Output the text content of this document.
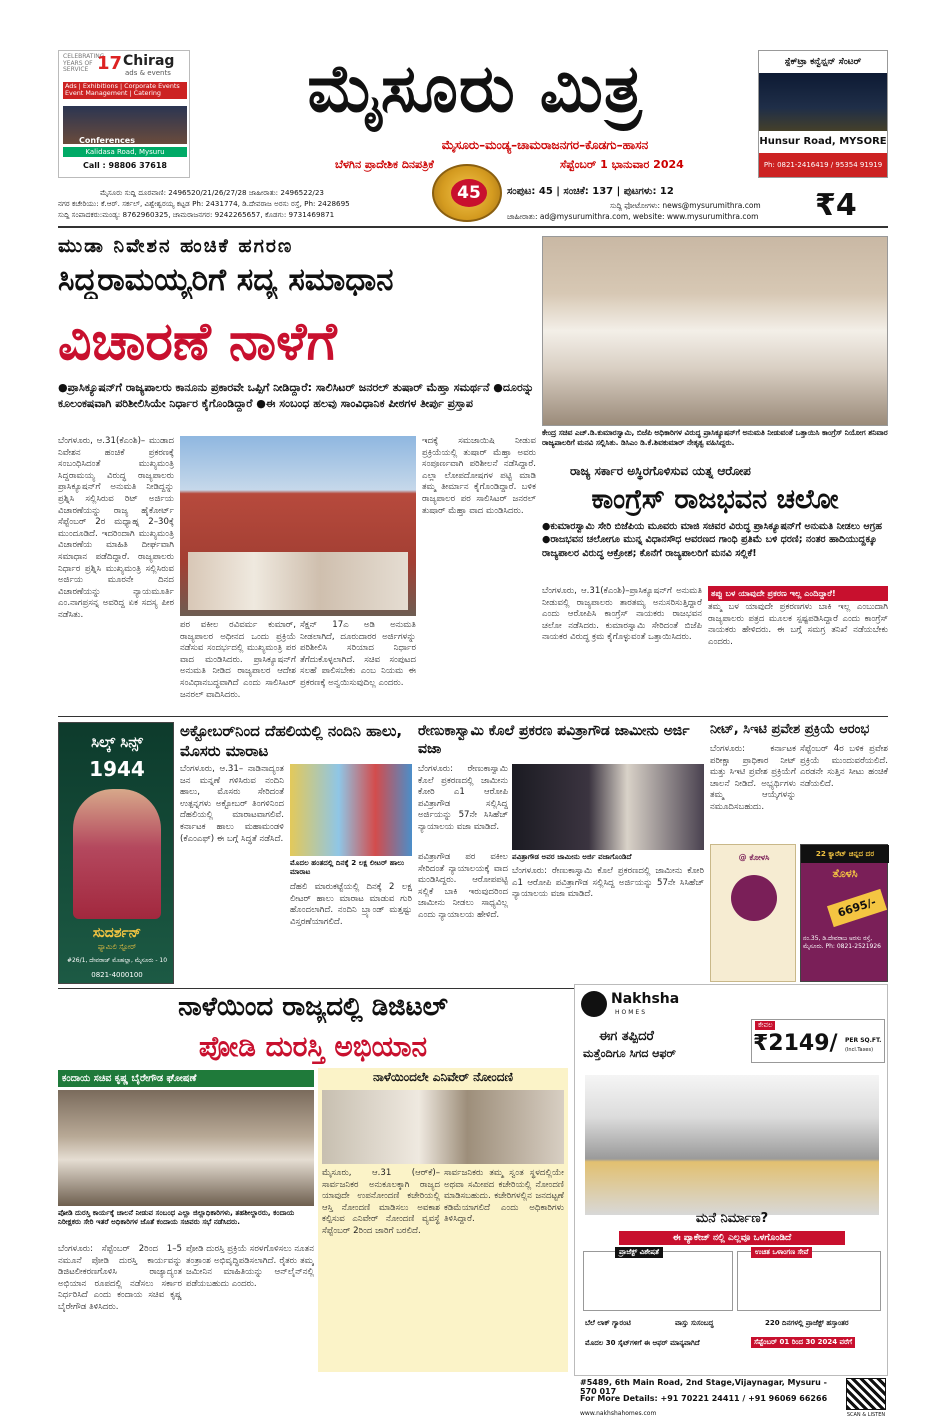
CELEBRATING YEARS OF SERVICE 17 Chirag
ads & events
Ads | Exhibitions | Corporate Events Event Management | Catering
Conferences
Kalidasa Road, Mysuru
Call : 98806 37618
ಮೈಸೂರು ಮಿತ್ರ
ಮೈಸೂರು–ಮಂಡ್ಯ–ಚಾಮರಾಜನಗರ–ಕೊಡಗು–ಹಾಸನ
ಬೆಳಗಿನ ಪ್ರಾದೇಶಿಕ ದಿನಪತ್ರಿಕೆ	ಸೆಪ್ಟೆಂಬರ್ 1 ಭಾನುವಾರ 2024
45
ಸ್ಪೆಕ್‌ಟ್ರಾ ಕನ್ವೆನ್ಷನ್ ಸೆಂಟರ್
Hunsur Road, MYSORE
Ph: 0821-2416419 / 95354 91919
ಮೈಸೂರು ಸುದ್ದಿ ದೂರವಾಣಿ: 2496520/21/26/27/28 ಜಾಹೀರಾತು: 2496522/23
ನಗರ ಕಚೇರಿಯು: ಕೆ.ಆರ್. ಸರ್ಕಲ್, ವಿಶ್ವೇಶ್ವರಯ್ಯ ಕಟ್ಟಡ Ph: 2431774, ಡಿ.ದೇವರಾಜ ಅರಸು ರಸ್ತೆ, Ph: 2428695
ಸುದ್ದಿ ಸಂಪಾದಕರು:ಮಂಡ್ಯ: 8762960325, ಚಾಮರಾಜನಗರ: 9242265657, ಕೊಡಗು: 9731469871
ಸಂಪುಟ: 45 | ಸಂಚಿಕೆ: 137 | ಪುಟಗಳು: 12
ಸುದ್ದಿ ಫೋಟೋಗಳು: news@mysurumithra.com
ಜಾಹೀರಾತು: ad@mysurumithra.com, website: www.mysurumithra.com	₹4
ಮುಡಾ ನಿವೇಶನ ಹಂಚಿಕೆ ಹಗರಣ
ಸಿದ್ದರಾಮಯ್ಯರಿಗೆ ಸದ್ಯ ಸಮಾಧಾನ
ವಿಚಾರಣೆ ನಾಳೆಗೆ
●ಪ್ರಾಸಿಕ್ಯೂಷನ್‌ಗೆ ರಾಜ್ಯಪಾಲರು ಕಾನೂನು ಪ್ರಕಾರವೇ ಒಪ್ಪಿಗೆ ನೀಡಿದ್ದಾರೆ: ಸಾಲಿಸಿಟರ್ ಜನರಲ್ ತುಷಾರ್ ಮೆಹ್ತಾ ಸಮರ್ಥನೆ ●ದೂರನ್ನು ಕೂಲಂಕಷವಾಗಿ ಪರಿಶೀಲಿಸಿಯೇ ನಿರ್ಧಾರ ಕೈಗೊಂಡಿದ್ದಾರೆ ●ಈ ಸಂಬಂಧ ಹಲವು ಸಾಂವಿಧಾನಿಕ ಪೀಠಗಳ ತೀರ್ಪು ಪ್ರಸ್ತಾಪ
ಬೆಂಗಳೂರು, ಆ.31(ಕೆಎಂಶಿ)– ಮುಡಾದ ನಿವೇಶನ ಹಂಚಿಕೆ ಪ್ರಕರಣಕ್ಕೆ ಸಂಬಂಧಿಸಿದಂತೆ ಮುಖ್ಯಮಂತ್ರಿ ಸಿದ್ದರಾಮಯ್ಯ ವಿರುದ್ಧ ರಾಜ್ಯಪಾಲರು ಪ್ರಾಸಿಕ್ಯೂಷನ್‌ಗೆ ಅನುಮತಿ ನೀಡಿದ್ದನ್ನು ಪ್ರಶ್ನಿಸಿ ಸಲ್ಲಿಸಿರುವ ರಿಟ್ ಅರ್ಜಿಯ ವಿಚಾರಣೆಯನ್ನು ರಾಜ್ಯ ಹೈಕೋರ್ಟ್ ಸೆಪ್ಟೆಂಬರ್ 2ರ ಮಧ್ಯಾಹ್ನ 2–30ಕ್ಕೆ ಮುಂದೂಡಿದೆ. ಇದರಿಂದಾಗಿ ಮುಖ್ಯಮಂತ್ರಿ ವಿಚಾರಣೆಯ ಮಾಹಿತಿ ದೀರ್ಘವಾಗಿ ಸಮಾಧಾನ ಪಡೆದಿದ್ದಾರೆ. ರಾಜ್ಯಪಾಲರು ನಿರ್ಧಾರ ಪ್ರಶ್ನಿಸಿ ಮುಖ್ಯಮಂತ್ರಿ ಸಲ್ಲಿಸಿರುವ ಅರ್ಜಿಯ ಮೂರನೇ ದಿನದ ವಿಚಾರಣೆಯನ್ನು ನ್ಯಾಯಮೂರ್ತಿ ಎಂ.ನಾಗಪ್ರಸನ್ನ ಅವರಿದ್ದ ಏಕ ಸದಸ್ಯ ಪೀಠ ನಡೆಸಿತು.
ಪರ ವಕೀಲ ರವಿವರ್ಮ ಕುಮಾರ್, ರಾಜ್ಯಪಾಲರ ಅಧೀನದ ಒಂದು ಪ್ರಕ್ರಿಯೆ ನಡೆಸುವ ಸಂದರ್ಭದಲ್ಲಿ ಮುಖ್ಯಮಂತ್ರಿ ಪರ ವಾದ ಮಂಡಿಸಿದರು. ಪ್ರಾಸಿಕ್ಯೂಷನ್‌ಗೆ ಅನುಮತಿ ನೀಡಿದ ರಾಜ್ಯಪಾಲರ ಆದೇಶ ಸಂವಿಧಾನಬದ್ಧವಾಗಿದೆ ಎಂದು ಸಾಲಿಸಿಟರ್ ಜನರಲ್ ವಾದಿಸಿದರು.
ಸೆಕ್ಷನ್ 17ಎ ಅಡಿ ಅನುಮತಿ ನೀಡಲಾಗಿದೆ, ದೂರುದಾರರ ಅರ್ಜಿಗಳನ್ನು ಪರಿಶೀಲಿಸಿ ಸರಿಯಾದ ನಿರ್ಧಾರ ತೆಗೆದುಕೊಳ್ಳಲಾಗಿದೆ. ಸಚಿವ ಸಂಪುಟದ ಸಲಹೆ ಪಾಲಿಸಬೇಕು ಎಂಬ ನಿಯಮ ಈ ಪ್ರಕರಣಕ್ಕೆ ಅನ್ವಯಿಸುವುದಿಲ್ಲ ಎಂದರು.
ಇದಕ್ಕೆ ಸಮಜಾಯಿಷಿ ನೀಡುವ ಪ್ರಕ್ರಿಯೆಯಲ್ಲಿ ತುಷಾರ್ ಮೆಹ್ತಾ ಅವರು ಸಂಪೂರ್ಣವಾಗಿ ಪರಿಶೀಲನೆ ನಡೆಸಿದ್ದಾರೆ. ಎಲ್ಲಾ ಲೋಪದೋಷಗಳ ಪಟ್ಟಿ ಮಾಡಿ ತಮ್ಮ ತೀರ್ಮಾನ ಕೈಗೊಂಡಿದ್ದಾರೆ. ಬಳಿಕ ರಾಜ್ಯಪಾಲರ ಪರ ಸಾಲಿಸಿಟರ್ ಜನರಲ್ ತುಷಾರ್ ಮೆಹ್ತಾ ವಾದ ಮಂಡಿಸಿದರು.
ಕೇಂದ್ರ ಸಚಿವ ಎಚ್.ಡಿ.ಕುಮಾರಸ್ವಾಮಿ, ಬಿಜೆಪಿ ಅಧಿಕಾರಿಗಳ ವಿರುದ್ಧ ಪ್ರಾಸಿಕ್ಯೂಷನ್‌ಗೆ ಅನುಮತಿ ನೀಡುವಂತೆ ಒತ್ತಾಯಿಸಿ ಕಾಂಗ್ರೆಸ್ ನಿಯೋಗ ಶನಿವಾರ ರಾಜ್ಯಪಾಲರಿಗೆ ಮನವಿ ಸಲ್ಲಿಸಿತು. ಡಿಸಿಎಂ ಡಿ.ಕೆ.ಶಿವಕುಮಾರ್ ನೇತೃತ್ವ ವಹಿಸಿದ್ದರು.
ರಾಜ್ಯ ಸರ್ಕಾರ ಅಸ್ಥಿರಗೊಳಿಸುವ ಯತ್ನ ಆರೋಪ
ಕಾಂಗ್ರೆಸ್ ರಾಜಭವನ ಚಲೋ
●ಕುಮಾರಸ್ವಾಮಿ ಸೇರಿ ಬಿಜೆಪಿಯ ಮೂವರು ಮಾಜಿ ಸಚಿವರ ವಿರುದ್ಧ ಪ್ರಾಸಿಕ್ಯೂಷನ್‌ಗೆ ಅನುಮತಿ ನೀಡಲು ಆಗ್ರಹ ●ರಾಜಭವನ ಚಲೋಗೂ ಮುನ್ನ ವಿಧಾನಸೌಧ ಆವರಣದ ಗಾಂಧಿ ಪ್ರತಿಮೆ ಬಳಿ ಧರಣಿ; ನಂತರ ಹಾದಿಯುದ್ದಕ್ಕೂ ರಾಜ್ಯಪಾಲರ ವಿರುದ್ಧ ಆಕ್ರೋಶ; ಕೊನೆಗೆ ರಾಜ್ಯಪಾಲರಿಗೆ ಮನವಿ ಸಲ್ಲಿಕೆ!
ಬೆಂಗಳೂರು, ಆ.31(ಕೆಎಂಶಿ)–ಪ್ರಾಸಿಕ್ಯೂಷನ್‌ಗೆ ಅನುಮತಿ ನೀಡುವಲ್ಲಿ ರಾಜ್ಯಪಾಲರು ತಾರತಮ್ಯ ಅನುಸರಿಸುತ್ತಿದ್ದಾರೆ ಎಂದು ಆರೋಪಿಸಿ ಕಾಂಗ್ರೆಸ್ ನಾಯಕರು ರಾಜಭವನ ಚಲೋ ನಡೆಸಿದರು. ಕುಮಾರಸ್ವಾಮಿ ಸೇರಿದಂತೆ ಬಿಜೆಪಿ ನಾಯಕರ ವಿರುದ್ಧ ಕ್ರಮ ಕೈಗೊಳ್ಳುವಂತೆ ಒತ್ತಾಯಿಸಿದರು.
ತಪ್ಪು ಬಳ ಯಾವುದೇ ಪ್ರಕರಣ ಇಲ್ಲ ಎಂದಿದ್ದಾರೆ!
ತಮ್ಮ ಬಳ ಯಾವುದೇ ಪ್ರಕರಣಗಳು ಬಾಕಿ ಇಲ್ಲ ಎಂಬುದಾಗಿ ರಾಜ್ಯಪಾಲರು ಪತ್ರದ ಮೂಲಕ ಸ್ಪಷ್ಟಪಡಿಸಿದ್ದಾರೆ ಎಂದು ಕಾಂಗ್ರೆಸ್ ನಾಯಕರು ಹೇಳಿದರು. ಈ ಬಗ್ಗೆ ಸಮಗ್ರ ತನಿಖೆ ನಡೆಯಬೇಕು ಎಂದರು.
ಸಿಲ್ಕ್ ಸಿನ್ಸ್
1944
ಸುದರ್ಶನ್
ಫ್ಯಾಮಿಲಿ ಸ್ಟೋರ್
#26/1, ದೇವರಾಜ್ ಮೊಹಲ್ಲಾ, ಮೈಸೂರು - 10
0821-4000100
ಅಕ್ಟೋಬರ್‌ನಿಂದ ದೆಹಲಿಯಲ್ಲಿ ನಂದಿನಿ ಹಾಲು, ಮೊಸರು ಮಾರಾಟ
ಬೆಂಗಳೂರು, ಆ.31– ನಾಡಿನಾದ್ಯಂತ ಜನ ಮನ್ನಣೆ ಗಳಿಸಿರುವ ನಂದಿನಿ ಹಾಲು, ಮೊಸರು ಸೇರಿದಂತೆ ಉತ್ಪನ್ನಗಳು ಅಕ್ಟೋಬರ್ ತಿಂಗಳಿನಿಂದ ದೆಹಲಿಯಲ್ಲಿ ಮಾರಾಟವಾಗಲಿವೆ. ಕರ್ನಾಟಕ ಹಾಲು ಮಹಾಮಂಡಳಿ (ಕೆಎಂಎಫ್) ಈ ಬಗ್ಗೆ ಸಿದ್ಧತೆ ನಡೆಸಿದೆ.
ಮೊದಲ ಹಂತದಲ್ಲಿ ದಿನಕ್ಕೆ 2 ಲಕ್ಷ ಲೀಟರ್ ಹಾಲು ಮಾರಾಟ
ದೆಹಲಿ ಮಾರುಕಟ್ಟೆಯಲ್ಲಿ ದಿನಕ್ಕೆ 2 ಲಕ್ಷ ಲೀಟರ್ ಹಾಲು ಮಾರಾಟ ಮಾಡುವ ಗುರಿ ಹೊಂದಲಾಗಿದೆ. ನಂದಿನಿ ಬ್ರ್ಯಾಂಡ್ ಮತ್ತಷ್ಟು ವಿಸ್ತರಣೆಯಾಗಲಿದೆ.
ರೇಣುಕಾಸ್ವಾಮಿ ಕೊಲೆ ಪ್ರಕರಣ ಪವಿತ್ರಾಗೌಡ ಜಾಮೀನು ಅರ್ಜಿ ವಜಾ
ಬೆಂಗಳೂರು: ರೇಣುಕಾಸ್ವಾಮಿ ಕೊಲೆ ಪ್ರಕರಣದಲ್ಲಿ ಜಾಮೀನು ಕೋರಿ ಎ1 ಆರೋಪಿ ಪವಿತ್ರಾಗೌಡ ಸಲ್ಲಿಸಿದ್ದ ಅರ್ಜಿಯನ್ನು 57ನೇ ಸಿಸಿಹೆಚ್ ನ್ಯಾಯಾಲಯ ವಜಾ ಮಾಡಿದೆ.
ಪವಿತ್ರಾಗೌಡ ಅವರ ಜಾಮೀನು ಅರ್ಜಿ ವಜಾಗೊಂಡಿದೆ
ಪವಿತ್ರಾಗೌಡ ಪರ ವಕೀಲ ಸೇರಿದಂತೆ ನ್ಯಾಯಾಲಯಕ್ಕೆ ವಾದ ಮಂಡಿಸಿದ್ದರು. ಆರೋಪಪಟ್ಟಿ ಸಲ್ಲಿಕೆ ಬಾಕಿ ಇರುವುದರಿಂದ ಜಾಮೀನು ನೀಡಲು ಸಾಧ್ಯವಿಲ್ಲ ಎಂದು ನ್ಯಾಯಾಲಯ ಹೇಳಿದೆ.
ಬೆಂಗಳೂರು: ರೇಣುಕಾಸ್ವಾಮಿ ಕೊಲೆ ಪ್ರಕರಣದಲ್ಲಿ ಜಾಮೀನು ಕೋರಿ ಎ1 ಆರೋಪಿ ಪವಿತ್ರಾಗೌಡ ಸಲ್ಲಿಸಿದ್ದ ಅರ್ಜಿಯನ್ನು 57ನೇ ಸಿಸಿಹೆಚ್ ನ್ಯಾಯಾಲಯ ವಜಾ ಮಾಡಿದೆ.
ನೀಟ್, ಸಿಇಟಿ ಪ್ರವೇಶ ಪ್ರಕ್ರಿಯೆ ಆರಂಭ
ಬೆಂಗಳೂರು: ಕರ್ನಾಟಕ ಪರೀಕ್ಷಾ ಪ್ರಾಧಿಕಾರ ನೀಟ್ ಮತ್ತು ಸಿಇಟಿ ಪ್ರವೇಶ ಪ್ರಕ್ರಿಯೆಗೆ ಚಾಲನೆ ನೀಡಿದೆ. ಅಭ್ಯರ್ಥಿಗಳು ತಮ್ಮ ಆಯ್ಕೆಗಳನ್ನು ನಮೂದಿಸಬಹುದು.
ಸೆಪ್ಟೆಂಬರ್ 4ರ ಬಳಿಕ ಪ್ರವೇಶ ಪ್ರಕ್ರಿಯೆ ಮುಂದುವರೆಯಲಿದೆ. ಎರಡನೇ ಸುತ್ತಿನ ಸೀಟು ಹಂಚಿಕೆ ನಡೆಯಲಿದೆ.
22 ಕ್ಯಾರೆಟ್ ಚಿನ್ನದ ದರ
ತೊಳಸಿ
6695/-
ನಂ.35, ಡಿ.ದೇವರಾಜ ಅರಸು ರಸ್ತೆ, ಮೈಸೂರು. Ph: 0821-2521926
@ ಕೋಳಸಿ
ನಾಳೆಯಿಂದ ರಾಜ್ಯದಲ್ಲಿ ಡಿಜಿಟಲ್
ಪೋಡಿ ದುರಸ್ತಿ ಅಭಿಯಾನ
ಕಂದಾಯ ಸಚಿವ ಕೃಷ್ಣ ಬೈರೇಗೌಡ ಘೋಷಣೆ
ಪೋಡಿ ದುರಸ್ತಿ ಕಾರ್ಯಕ್ಕೆ ಚಾಲನೆ ನೀಡುವ ಸಂಬಂಧ ಎಲ್ಲಾ ಜಿಲ್ಲಾಧಿಕಾರಿಗಳು, ತಹಶೀಲ್ದಾರರು, ಕಂದಾಯ ನಿರೀಕ್ಷಕರು ಸೇರಿ ಇತರೆ ಅಧಿಕಾರಿಗಳ ಜೊತೆ ಕಂದಾಯ ಸಚಿವರು ಸಭೆ ನಡೆಸಿದರು.
ಬೆಂಗಳೂರು: ಸೆಪ್ಟೆಂಬರ್ 2ರಿಂದ 1–5 ನಮೂನೆ ಪೋಡಿ ದುರಸ್ತಿ ಕಾರ್ಯವನ್ನು ಡಿಜಿಟಲೀಕರಣಗೊಳಿಸಿ ರಾಜ್ಯಾದ್ಯಂತ ಅಭಿಯಾನ ರೂಪದಲ್ಲಿ ನಡೆಸಲು ಸರ್ಕಾರ ನಿರ್ಧರಿಸಿದೆ ಎಂದು ಕಂದಾಯ ಸಚಿವ ಕೃಷ್ಣ ಬೈರೇಗೌಡ ತಿಳಿಸಿದರು.
ಪೋಡಿ ದುರಸ್ತಿ ಪ್ರಕ್ರಿಯೆ ಸರಳಗೊಳಿಸಲು ನೂತನ ತಂತ್ರಾಂಶ ಅಭಿವೃದ್ಧಿಪಡಿಸಲಾಗಿದೆ. ರೈತರು ತಮ್ಮ ಜಮೀನಿನ ಮಾಹಿತಿಯನ್ನು ಆನ್‌ಲೈನ್‌ನಲ್ಲಿ ಪಡೆಯಬಹುದು ಎಂದರು.
ನಾಳೆಯಿಂದಲೇ ಎನಿವೇರ್ ನೋಂದಣಿ
ಮೈಸೂರು, ಆ.31 (ಆರ್‌ಕೆ)– ಸಾರ್ವಜನಿಕರ ಅನುಕೂಲಕ್ಕಾಗಿ ರಾಜ್ಯದ ಯಾವುದೇ ಉಪನೋಂದಣಿ ಕಚೇರಿಯಲ್ಲಿ ಆಸ್ತಿ ನೋಂದಣಿ ಮಾಡಿಸಲು ಅವಕಾಶ ಕಲ್ಪಿಸುವ ಎನಿವೇರ್ ನೋಂದಣಿ ವ್ಯವಸ್ಥೆ ಸೆಪ್ಟೆಂಬರ್ 2ರಿಂದ ಜಾರಿಗೆ ಬರಲಿದೆ.
ಸಾರ್ವಜನಿಕರು ತಮ್ಮ ಸ್ವಂತ ಸ್ಥಳದಲ್ಲಿಯೇ ಅಥವಾ ಸಮೀಪದ ಕಚೇರಿಯಲ್ಲಿ ನೋಂದಣಿ ಮಾಡಿಸಬಹುದು. ಕಚೇರಿಗಳಲ್ಲಿನ ಜನದಟ್ಟಣೆ ಕಡಿಮೆಯಾಗಲಿದೆ ಎಂದು ಅಧಿಕಾರಿಗಳು ತಿಳಿಸಿದ್ದಾರೆ.
Nakhsha
HOMES
ಈಗ ತಪ್ಪಿದರೆ
ಮತ್ತೆಂದಿಗೂ ಸಿಗದ ಆಫರ್
ಕೇವಲ
₹2149/ PER SQ.FT.
(Incl.Taxes)
ಮನೆ ನಿರ್ಮಾಣ?
ಈ ಪ್ಯಾಕೇಜ್ ನಲ್ಲಿ ಎಲ್ಲವೂ ಒಳಗೊಂಡಿದೆ
ಪ್ರಾಜೆಕ್ಟ್ ವಿಶೇಷತೆ	ಉಚಿತ ಒಳಾಂಗಣ ಸೇವೆ
ಬೆಲೆ ಲಾಕ್ ಗ್ಯಾರಂಟಿ	ವಾಸ್ತು ಸುಸಂಬದ್ಧ	220 ದಿನಗಳಲ್ಲಿ ಪ್ರಾಜೆಕ್ಟ್ ಹಸ್ತಾಂತರ
ಮೊದಲ 30 ಸೈಟ್‌ಗಳಿಗೆ ಈ ಆಫರ್ ಮಾನ್ಯವಾಗಿದೆ	ಸೆಪ್ಟೆಂಬರ್ 01 ರಿಂದ 30 2024 ವರೆಗೆ
#5489, 6th Main Road, 2nd Stage,Vijaynagar, Mysuru - 570 017
For More Details: +91 70221 24411 / +91 96069 66266
www.nakhshahomes.com	SCAN & LISTEN
